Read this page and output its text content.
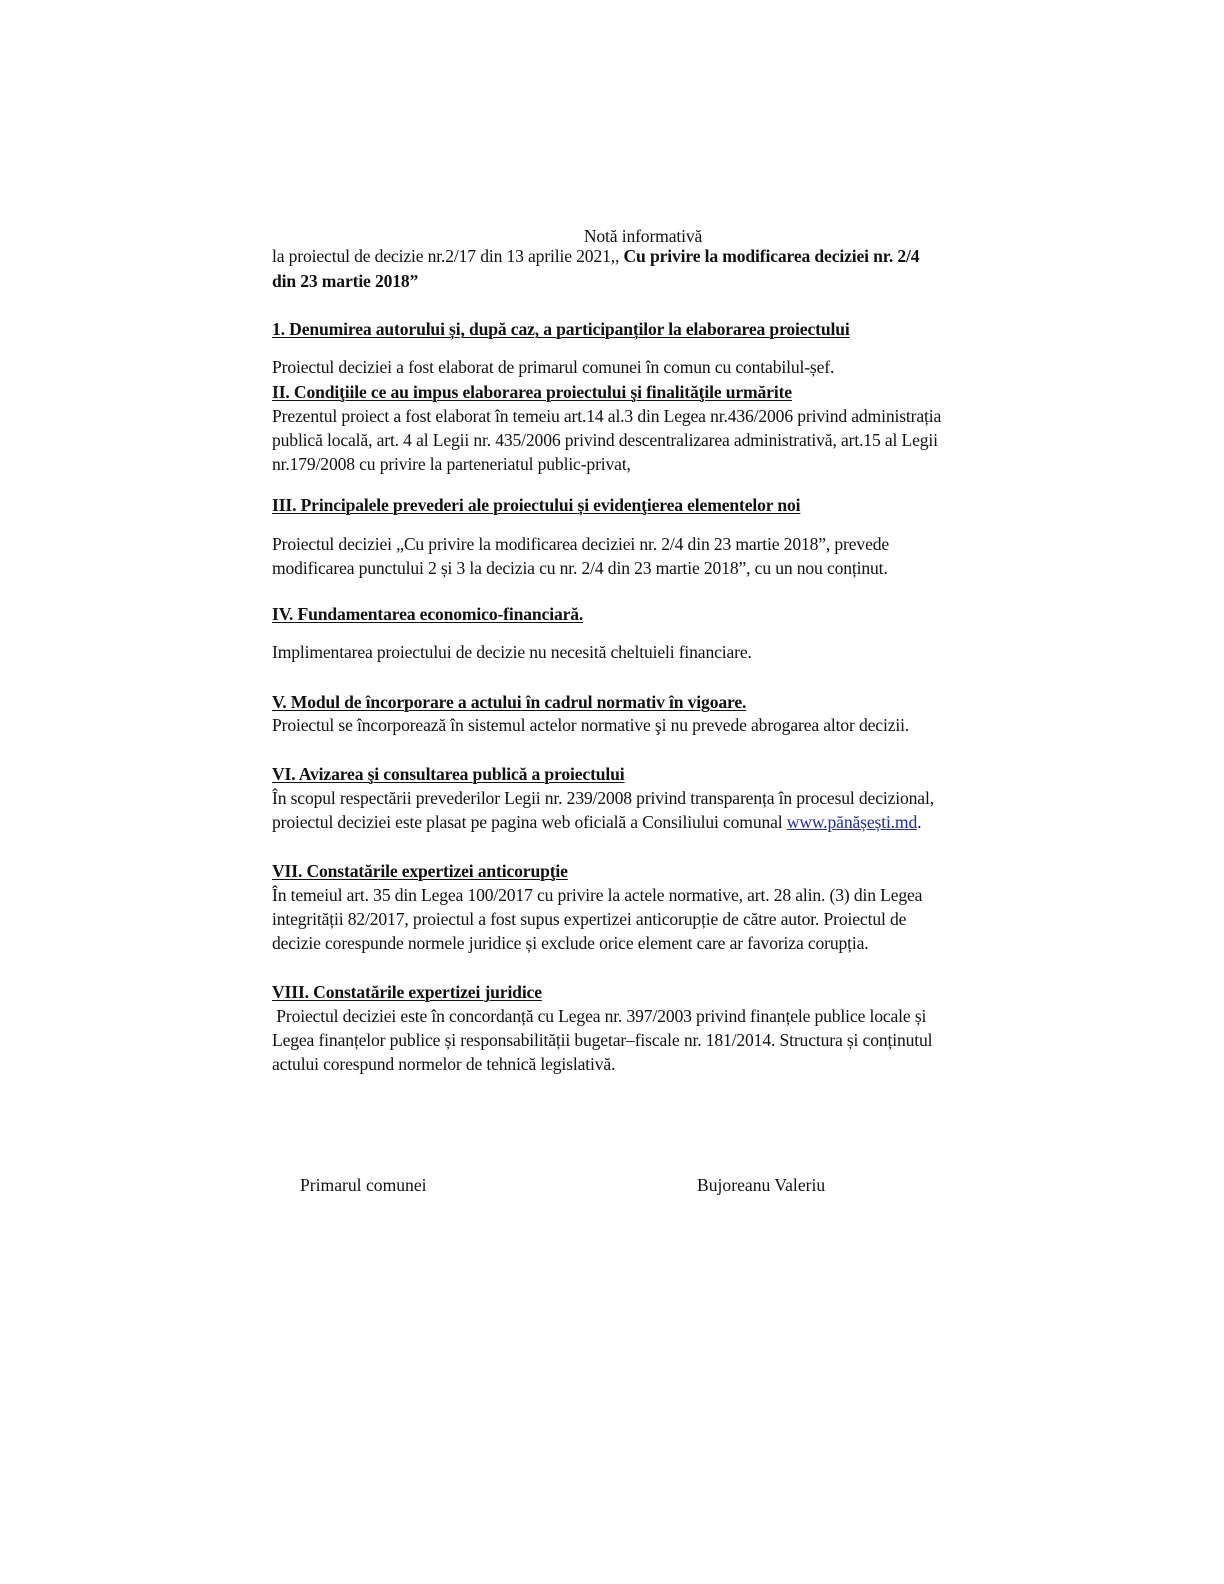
Notă informativă
la proiectul de decizie nr.2/17 din 13 aprilie 2021,, Cu privire la modificarea deciziei nr. 2/4
din 23 martie 2018”
1. Denumirea autorului și, după caz, a participanților la elaborarea proiectului
Proiectul deciziei a fost elaborat de primarul comunei în comun cu contabilul-șef.
II. Condiţiile ce au impus elaborarea proiectului şi finalităţile urmărite
Prezentul proiect a fost elaborat în temeiu art.14 al.3 din Legea nr.436/2006 privind administrația
publică locală, art. 4 al Legii nr. 435/2006 privind descentralizarea administrativă, art.15 al Legii
nr.179/2008 cu privire la parteneriatul public-privat,
III. Principalele prevederi ale proiectului și evidenţierea elementelor noi
Proiectul deciziei „Cu privire la modificarea deciziei nr. 2/4 din 23 martie 2018”, prevede
modificarea punctului 2 și 3 la decizia cu nr. 2/4 din 23 martie 2018”, cu un nou conținut.
IV. Fundamentarea economico-financiară.
Implimentarea proiectului de decizie nu necesită cheltuieli financiare.
V. Modul de încorporare a actului în cadrul normativ în vigoare.
Proiectul se încorporează în sistemul actelor normative şi nu prevede abrogarea altor decizii.
VI. Avizarea şi consultarea publică a proiectului
În scopul respectării prevederilor Legii nr. 239/2008 privind transparența în procesul decizional,
proiectul deciziei este plasat pe pagina web oficială a Consiliului comunal www.pănășești.md.
VII. Constatările expertizei anticorupţie
În temeiul art. 35 din Legea 100/2017 cu privire la actele normative, art. 28 alin. (3) din Legea
integrității 82/2017, proiectul a fost supus expertizei anticorupție de către autor. Proiectul de
decizie corespunde normele juridice și exclude orice element care ar favoriza corupția.
VIII. Constatările expertizei juridice
Proiectul deciziei este în concordanță cu Legea nr. 397/2003 privind finanțele publice locale și
Legea finanțelor publice și responsabilității bugetar–fiscale nr. 181/2014. Structura și conținutul
actului corespund normelor de tehnică legislativă.
Primarul comunei	Bujoreanu Valeriu
